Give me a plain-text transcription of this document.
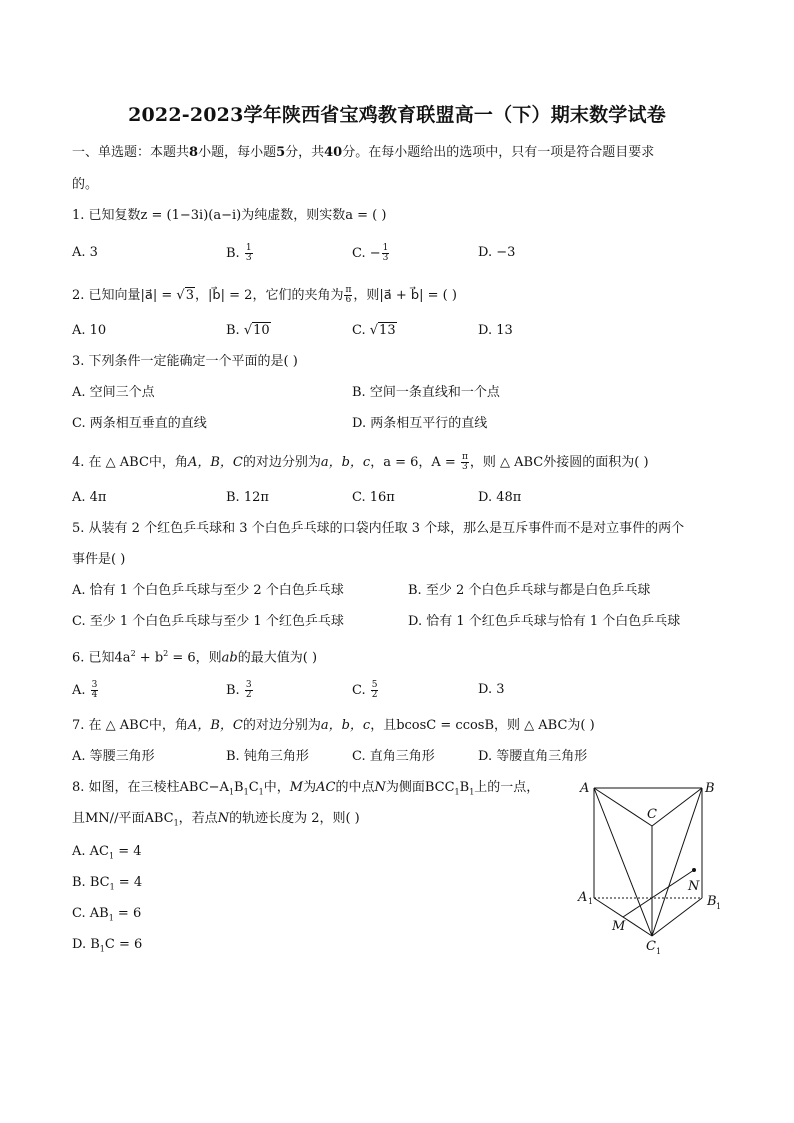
2022-2023学年陕西省宝鸡教育联盟高一（下）期末数学试卷
一、单选题：本题共8小题，每小题5分，共40分。在每小题给出的选项中，只有一项是符合题目要求
的。
1. 已知复数z = (1−3i)(a−i)为纯虚数，则实数a = ( )
A. 3	B. $\frac{1}{3}$	C. − $\frac{1}{3}$	D. −3
2. 已知向量|a⃗| = √3，|b⃗| = 2，它们的夹角为 $\frac{\pi}{6}$ ，则|a⃗ + b⃗| = ( )
A. 10	B. √10	C. √13	D. 13
3. 下列条件一定能确定一个平面的是( )
A. 空间三个点	B. 空间一条直线和一个点
C. 两条相互垂直的直线	D. 两条相互平行的直线
4. 在 △ ABC中，角A，B，C的对边分别为a，b，c，a = 6，$A = \frac{\pi}{3}$ ，则 △ ABC外接圆的面积为( )
A. 4π	B. 12π	C. 16π	D. 48π
5. 从装有 2 个红色乒乓球和 3 个白色乒乓球的口袋内任取 3 个球，那么是互斥事件而不是对立事件的两个
事件是( )
A. 恰有 1 个白色乒乓球与至少 2 个白色乒乓球	B. 至少 2 个白色乒乓球与都是白色乒乓球
C. 至少 1 个白色乒乓球与至少 1 个红色乒乓球	D. 恰有 1 个红色乒乓球与恰有 1 个白色乒乓球
6. 已知$4a^2 + b^2 = 6$，则ab的最大值为( )
A. $\frac{3}{4}$	B. $\frac{3}{2}$	C. $\frac{5}{2}$	D. 3
7. 在 △ ABC中，角A，B，C的对边分别为a，b，c，且bcosC = ccosB，则 △ ABC为( )
A. 等腰三角形	B. 钝角三角形	C. 直角三角形	D. 等腰直角三角形
8. 如图，在三棱柱$ABC-A_1B_1C_1$中，M为AC的中点N为侧面$BCC_1B_1$上的一点，
且MN//平面$ABC_1$，若点N的轨迹长度为 2，则( )
A. $AC_1 = 4$
B. $BC_1 = 4$
C. $AB_1 = 6$
D. $B_1C = 6$
A	B
C
N
A 1	B 1
M
C 1
